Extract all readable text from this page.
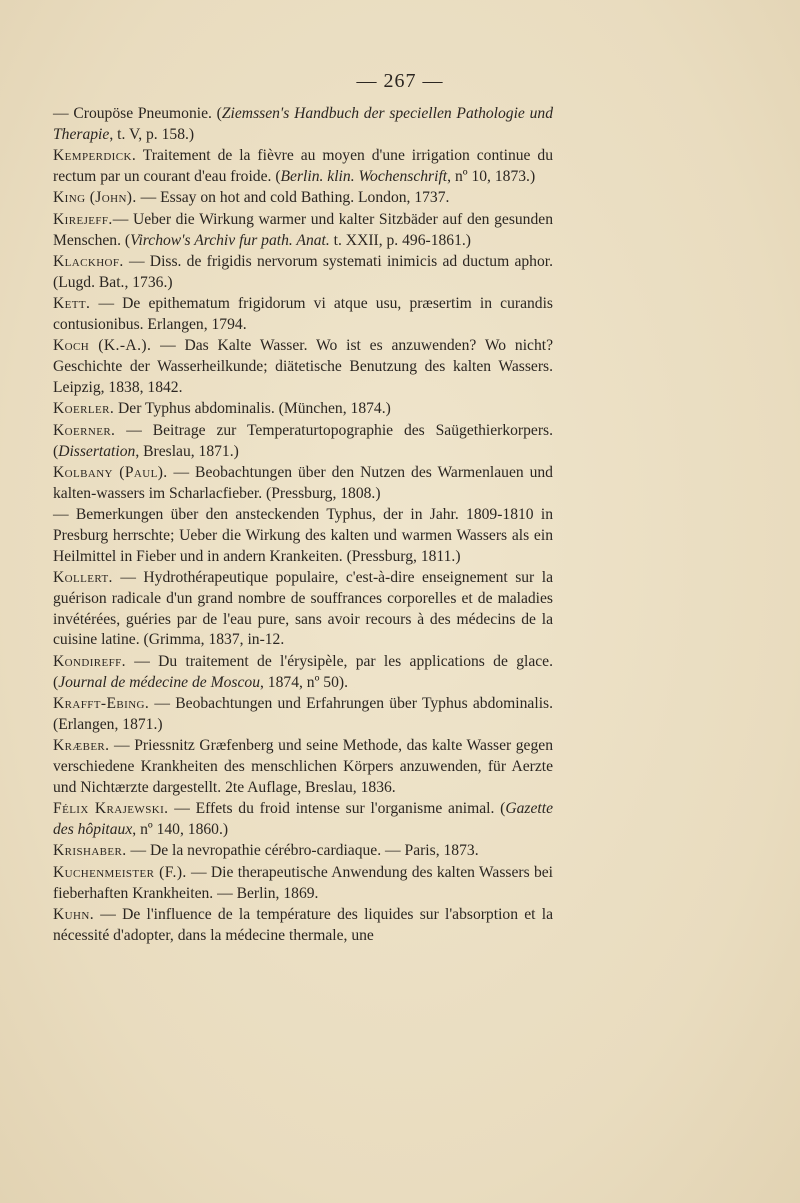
— 267 —

— Croupöse Pneumonie. (Ziemssen's Handbuch der speciellen Pathologie und Therapie, t. V, p. 158.)

Kemperdick. Traitement de la fièvre au moyen d'une irrigation continue du rectum par un courant d'eau froide. (Berlin. klin. Wochenschrift, nº 10, 1873.)

King (John). — Essay on hot and cold Bathing. London, 1737.

Kirejeff.— Ueber die Wirkung warmer und kalter Sitzbäder auf den gesunden Menschen. (Virchow's Archiv fur path. Anat. t. XXII, p. 496-1861.)

Klackhof. — Diss. de frigidis nervorum systemati inimicis ad ductum aphor. (Lugd. Bat., 1736.)

Kett. — De epithematum frigidorum vi atque usu, præsertim in curandis contusionibus. Erlangen, 1794.

Koch (K.-A.). — Das Kalte Wasser. Wo ist es anzuwenden? Wo nicht? Geschichte der Wasserheilkunde; diätetische Benutzung des kalten Wassers. Leipzig, 1838, 1842.

Koerler. Der Typhus abdominalis. (München, 1874.)

Koerner. — Beitrage zur Temperaturtopographie des Saügethierkorpers. (Dissertation, Breslau, 1871.)

Kolbany (Paul). — Beobachtungen über den Nutzen des Warmenlauen und kalten-wassers im Scharlacfieber. (Pressburg, 1808.)

— Bemerkungen über den ansteckenden Typhus, der in Jahr. 1809-1810 in Presburg herrschte; Ueber die Wirkung des kalten und warmen Wassers als ein Heilmittel in Fieber und in andern Krankeiten. (Pressburg, 1811.)

Kollert. — Hydrothérapeutique populaire, c'est-à-dire enseignement sur la guérison radicale d'un grand nombre de souffrances corporelles et de maladies invétérées, guéries par de l'eau pure, sans avoir recours à des médecins de la cuisine latine. (Grimma, 1837, in-12.

Kondireff. — Du traitement de l'érysipèle, par les applications de glace. (Journal de médecine de Moscou, 1874, nº 50).

Krafft-Ebing. — Beobachtungen und Erfahrungen über Typhus abdominalis. (Erlangen, 1871.)

Kræber. — Priessnitz Græfenberg und seine Methode, das kalte Wasser gegen verschiedene Krankheiten des menschlichen Körpers anzuwenden, für Aerzte und Nichtærzte dargestellt. 2te Auflage, Breslau, 1836.

Félix Krajewski. — Effets du froid intense sur l'organisme animal. (Gazette des hôpitaux, nº 140, 1860.)

Krishaber. — De la nevropathie cérébro-cardiaque. — Paris, 1873.

Kuchenmeister (F.). — Die therapeutische Anwendung des kalten Wassers bei fieberhaften Krankheiten. — Berlin, 1869.

Kuhn. — De l'influence de la température des liquides sur l'absorption et la nécessité d'adopter, dans la médecine thermale, une
